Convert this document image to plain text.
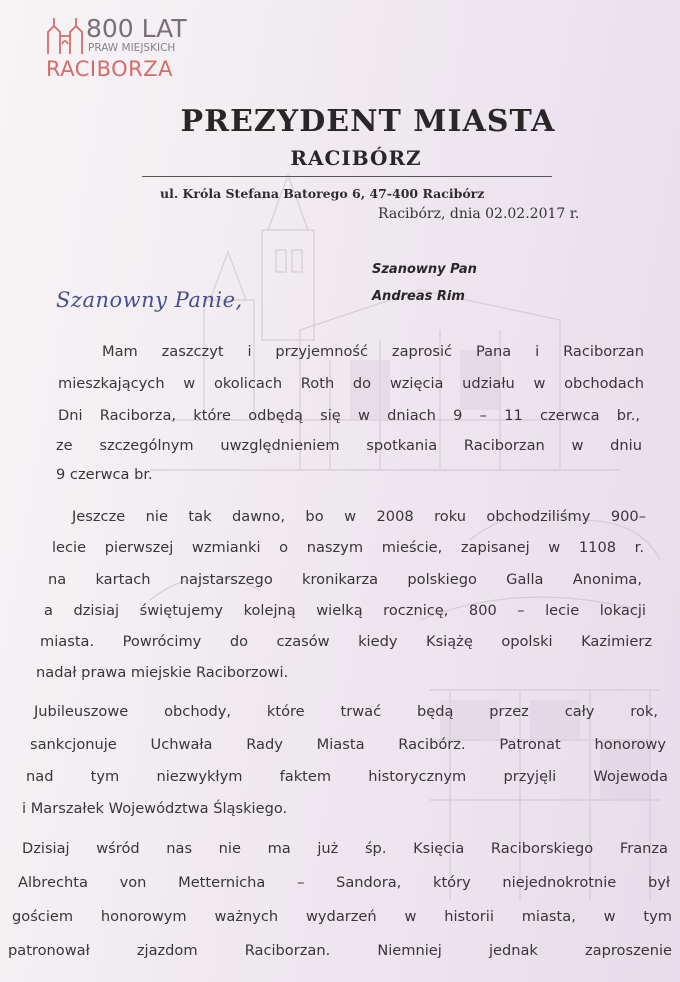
800 LAT
PRAW MIEJSKICH
RACIBORZA
PREZYDENT MIASTA
RACIBÓRZ
ul. Króla Stefana Batorego 6, 47-400 Racibórz
Racibórz, dnia 02.02.2017 r.
Szanowny Pan
Andreas Rim
Szanowny Panie,
Mam zaszczyt i przyjemność zaprosić Pana i Raciborzan
mieszkających w okolicach Roth do wzięcia udziału w obchodach
Dni Raciborza, które odbędą się w dniach 9 – 11 czerwca br.,
ze szczególnym uwzględnieniem spotkania Raciborzan w dniu
9 czerwca br.
Jeszcze nie tak dawno, bo w 2008 roku obchodziliśmy 900–
lecie pierwszej wzmianki o naszym mieście, zapisanej w 1108 r.
na kartach najstarszego kronikarza polskiego Galla Anonima,
a dzisiaj świętujemy kolejną wielką rocznicę, 800 – lecie lokacji
miasta. Powrócimy do czasów kiedy Książę opolski Kazimierz
nadał prawa miejskie Raciborzowi.
Jubileuszowe obchody, które trwać będą przez cały rok,
sankcjonuje Uchwała Rady Miasta Racibórz. Patronat honorowy
nad tym niezwykłym faktem historycznym przyjęli Wojewoda
i Marszałek Województwa Śląskiego.
Dzisiaj wśród nas nie ma już śp. Księcia Raciborskiego Franza
Albrechta von Metternicha – Sandora, który niejednokrotnie był
gościem honorowym ważnych wydarzeń w historii miasta, w tym
patronował zjazdom Raciborzan. Niemniej jednak zaproszenie
